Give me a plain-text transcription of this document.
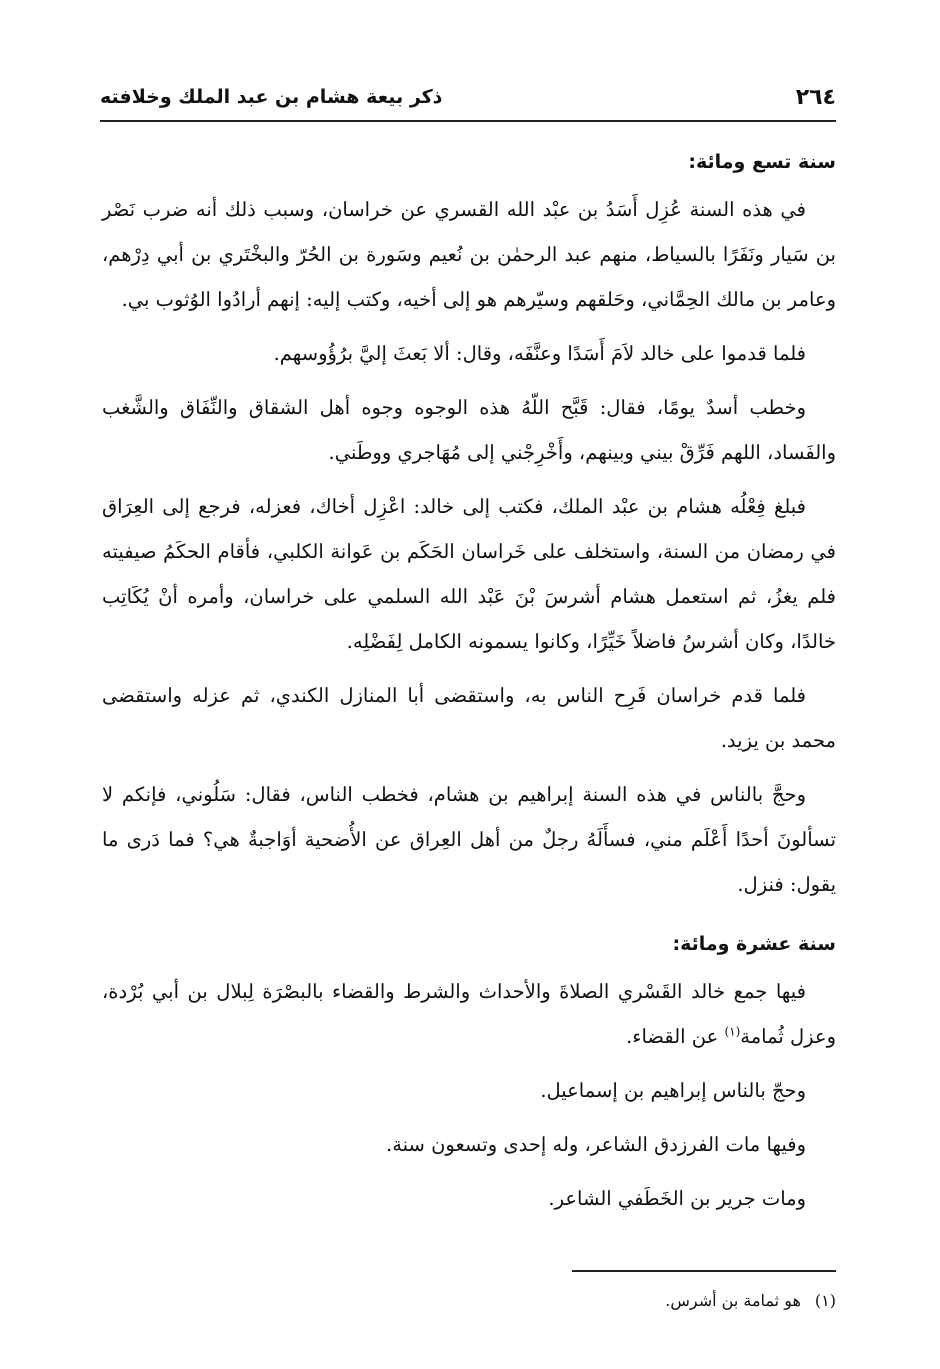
٢٦٤
ذكر بيعة هشام بن عبد الملك وخلافته
سنة تسع ومائة:

في هذه السنة عُزِل أَسَدُ بن عبْد الله القسري عن خراسان، وسبب ذلك أنه ضرب نَصْر بن سَيار ونَفَرًا بالسياط، منهم عبد الرحمٰن بن نُعيم وسَورة بن الحُرّ والبخْتَري بن أبي دِرْهم، وعامر بن مالك الحِمَّاني، وحَلقهم وسيّرهم هو إلى أخيه، وكتب إليه: إنهم أرادُوا الوُثوب بي.

فلما قدموا على خالد لاَمَ أَسَدًا وعنَّفَه، وقال: ألا بَعثَ إليَّ برُؤُوسهم.

وخطب أسدٌ يومًا، فقال: قَبَّح اللّهُ هذه الوجوه وجوه أهل الشقاق والنِّفَاق والشَّغب والفَساد، اللهم فَرِّقْ بيني وبينهم، وأَخْرِجْني إلى مُهَاجري ووطَني.

فبلغ فِعْلُه هشام بن عبْد الملك، فكتب إلى خالد: اعْزِل أخاك، فعزله، فرجع إلى العِرَاق في رمضان من السنة، واستخلف على خَراسان الحَكَم بن عَوانة الكلبي، فأقام الحكَمُ صيفيته فلم يغزُ، ثم استعمل هشام أشرسَ بْنَ عَبْد الله السلمي على خراسان، وأمره أنْ يُكَاتِب خالدًا، وكان أشرسُ فاضلاً خَيِّرًا، وكانوا يسمونه الكامل لِفَضْلِه.

فلما قدم خراسان فَرِح الناس به، واستقضى أبا المنازل الكندي، ثم عزله واستقضى محمد بن يزيد.

وحجَّ بالناس في هذه السنة إبراهيم بن هشام، فخطب الناس، فقال: سَلُوني، فإنكم لا تسألونَ أحدًا أَعْلَم مني، فسأَلَهُ رجلٌ من أهل العِراق عن الأُضحية أوَاجبةٌ هي؟ فما دَرى ما يقول: فنزل.

سنة عشرة ومائة:

فيها جمع خالد القَسْري الصلاةَ والأحداث والشرط والقضاء بالبصْرَة لِبلال بن أبي بُرْدة، وعزل ثُمامة$^{(١)}$ عن القضاء.

وحجّ بالناس إبراهيم بن إسماعيل.

وفيها مات الفرزدق الشاعر، وله إحدى وتسعون سنة.

ومات جرير بن الخَطَفي الشاعر.

(١)هو ثمامة بن أشرس.
